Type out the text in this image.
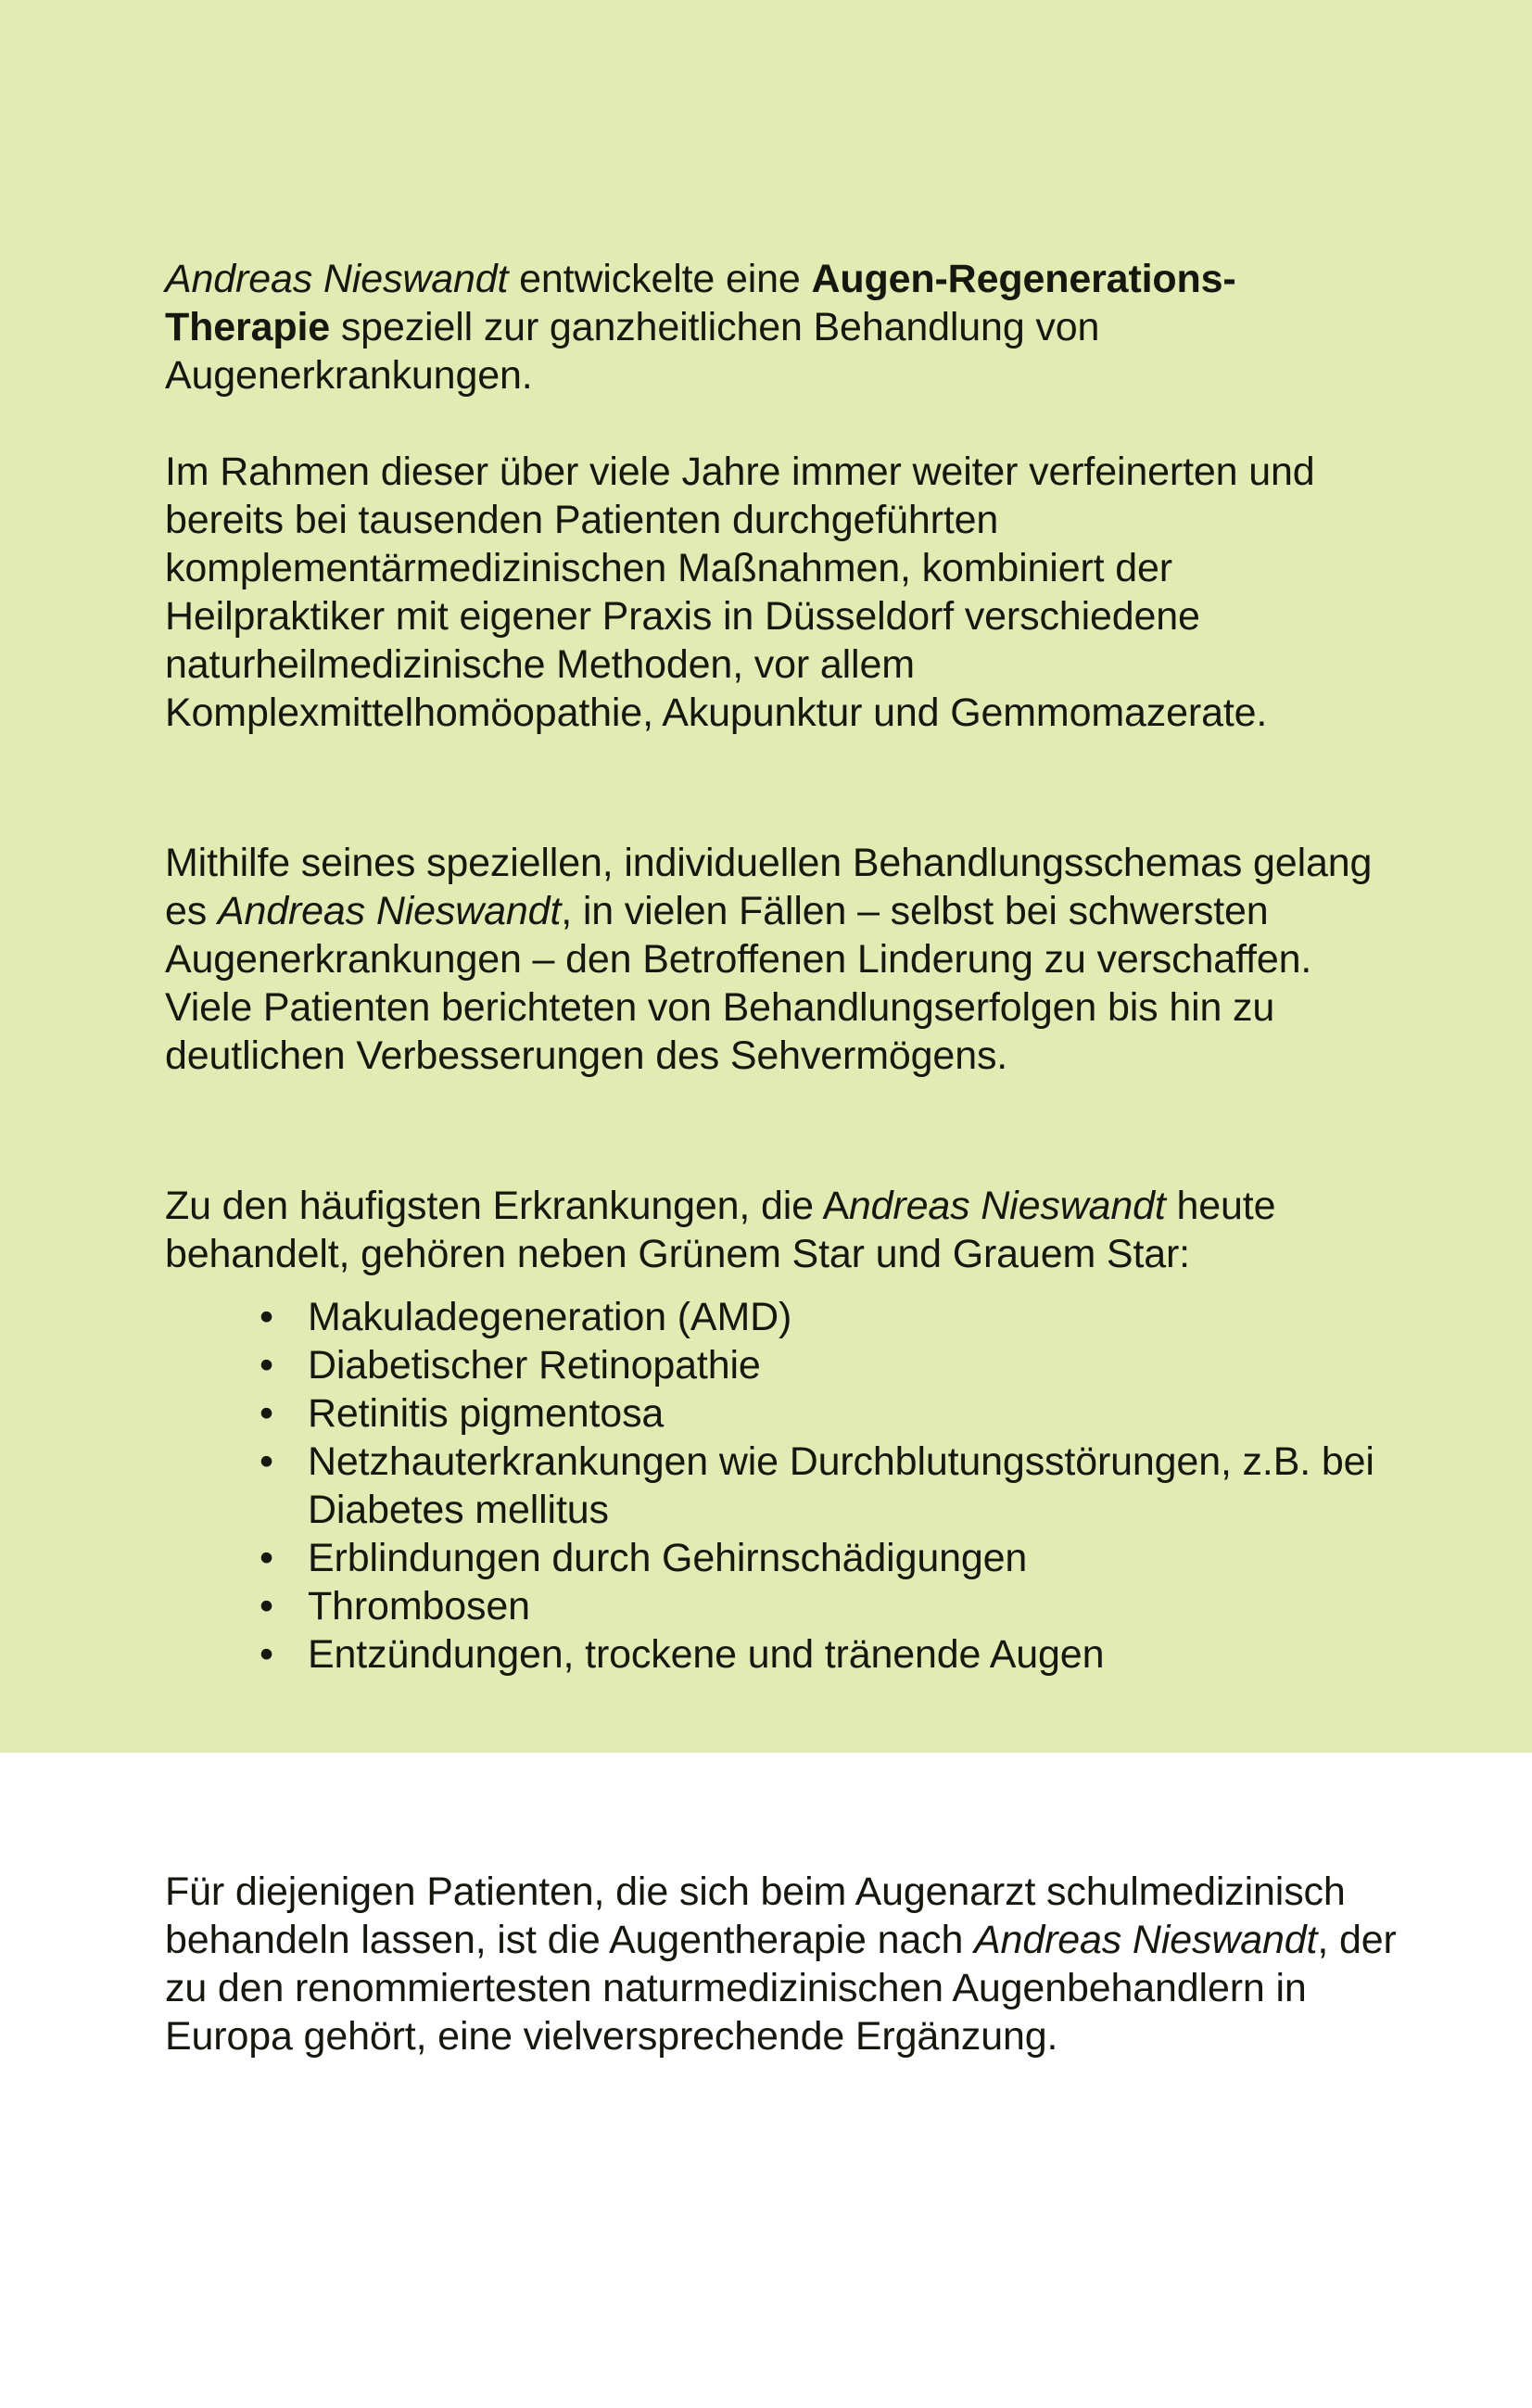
Andreas Nieswandt entwickelte eine Augen-Regenerations-Therapie speziell zur ganzheitlichen Behandlung von Augenerkrankungen.

Im Rahmen dieser über viele Jahre immer weiter verfeinerten und bereits bei tausenden Patienten durchgeführten komplementärmedizinischen Maßnahmen, kombiniert der Heilpraktiker mit eigener Praxis in Düsseldorf verschiedene naturheilmedizinische Methoden, vor allem Komplexmittelhomöopathie, Akupunktur und Gemmomazerate.

Mithilfe seines speziellen, individuellen Behandlungsschemas gelang es Andreas Nieswandt, in vielen Fällen – selbst bei schwersten Augenerkrankungen – den Betroffenen Linderung zu verschaffen. Viele Patienten berichteten von Behandlungserfolgen bis hin zu deutlichen Verbesserungen des Sehvermögens.

Zu den häufigsten Erkrankungen, die Andreas Nieswandt heute behandelt, gehören neben Grünem Star und Grauem Star:

• Makuladegeneration (AMD)
• Diabetischer Retinopathie
• Retinitis pigmentosa
• Netzhauterkrankungen wie Durchblutungsstörungen, z.B. bei Diabetes mellitus
• Erblindungen durch Gehirnschädigungen
• Thrombosen
• Entzündungen, trockene und tränende Augen

Für diejenigen Patienten, die sich beim Augenarzt schulmedizinisch behandeln lassen, ist die Augentherapie nach Andreas Nieswandt, der zu den renommiertesten naturmedizinischen Augenbehandlern in Europa gehört, eine vielversprechende Ergänzung.
